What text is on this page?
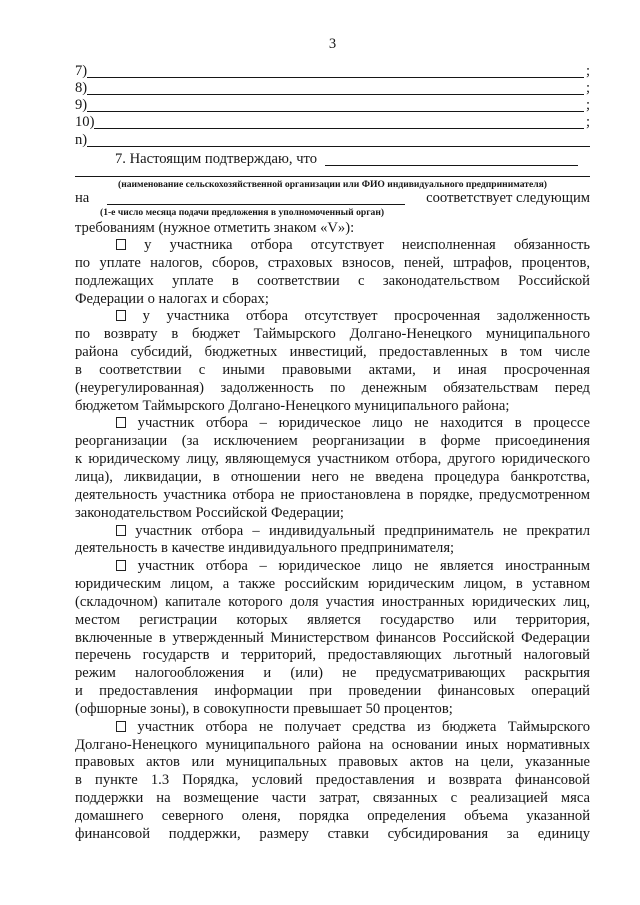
3
7)	;
8)	;
9)	;
10)	;
n)
7. Настоящим подтверждаю, что
(наименование сельскохозяйственной организации или ФИО индивидуального предпринимателя)
на	соответствует следующим
(1-е число месяца подачи предложения в уполномоченный орган)
требованиям (нужное отметить знаком «V»):
у участника отбора отсутствует неисполненная обязанность
по уплате налогов, сборов, страховых взносов, пеней, штрафов, процентов,
подлежащих уплате в соответствии с законодательством Российской
Федерации о налогах и сборах;
у участника отбора отсутствует просроченная задолженность
по возврату в бюджет Таймырского Долгано-Ненецкого муниципального
района субсидий, бюджетных инвестиций, предоставленных в том числе
в соответствии с иными правовыми актами, и иная просроченная
(неурегулированная) задолженность по денежным обязательствам перед
бюджетом Таймырского Долгано-Ненецкого муниципального района;
участник отбора – юридическое лицо не находится в процессе
реорганизации (за исключением реорганизации в форме присоединения
к юридическому лицу, являющемуся участником отбора, другого юридического
лица), ликвидации, в отношении него не введена процедура банкротства,
деятельность участника отбора не приостановлена в порядке, предусмотренном
законодательством Российской Федерации;
участник отбора – индивидуальный предприниматель не прекратил
деятельность в качестве индивидуального предпринимателя;
участник отбора – юридическое лицо не является иностранным
юридическим лицом, а также российским юридическим лицом, в уставном
(складочном) капитале которого доля участия иностранных юридических лиц,
местом регистрации которых является государство или территория,
включенные в утвержденный Министерством финансов Российской Федерации
перечень государств и территорий, предоставляющих льготный налоговый
режим налогообложения и (или) не предусматривающих раскрытия
и предоставления информации при проведении финансовых операций
(офшорные зоны), в совокупности превышает 50 процентов;
участник отбора не получает средства из бюджета Таймырского
Долгано-Ненецкого муниципального района на основании иных нормативных
правовых актов или муниципальных правовых актов на цели, указанные
в пункте 1.3 Порядка, условий предоставления и возврата финансовой
поддержки на возмещение части затрат, связанных с реализацией мяса
домашнего северного оленя, порядка определения объема указанной
финансовой поддержки, размеру ставки субсидирования за единицу
